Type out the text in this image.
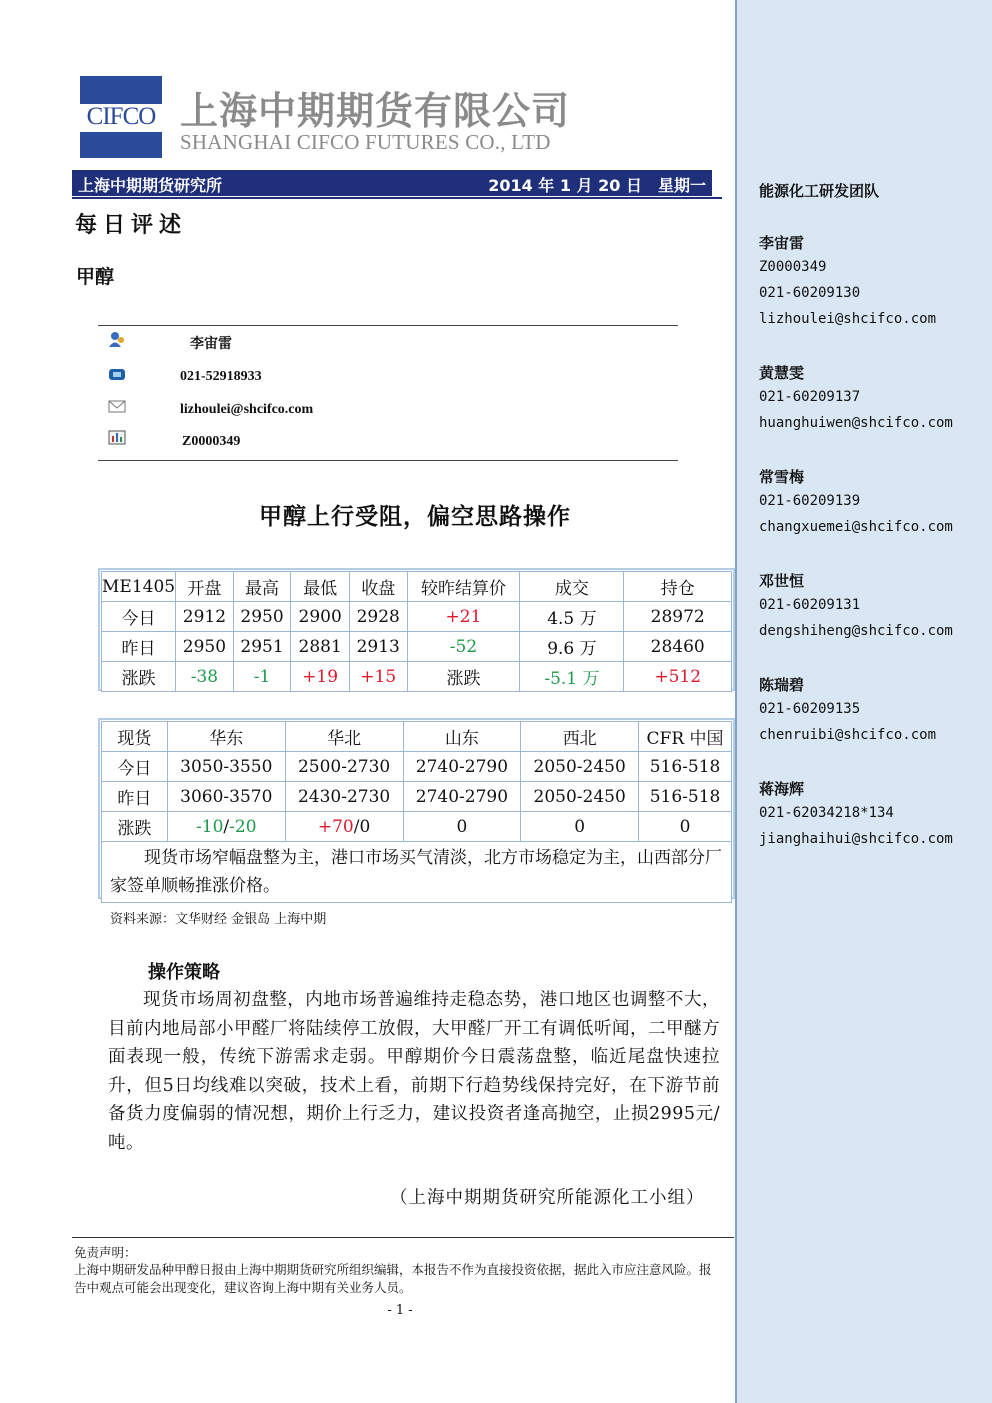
CIFCO 上海中期期货有限公司
SHANGHAI CIFCO FUTURES CO., LTD
上海中期期货研究所	2014 年 1 月 20 日　星期一
每日评述
甲醇
李宙雷
021-52918933
lizhoulei@shcifco.com
Z0000349
甲醇上行受阻，偏空思路操作
ME1405	开盘	最高	最低	收盘	较昨结算价	成交	持仓
今日	2912	2950	2900	2928	+21	4.5 万	28972
昨日	2950	2951	2881	2913	-52	9.6 万	28460
涨跌	-38	-1	+19	+15	涨跌	-5.1 万	+512
现货	华东	华北	山东	西北	CFR 中国
今日	3050-3550	2500-2730	2740-2790	2050-2450	516-518
昨日	3060-3570	2430-2730	2740-2790	2050-2450	516-518
涨跌	-10/-20	+70/0	0	0	0
现货市场窄幅盘整为主，港口市场买气清淡，北方市场稳定为主，山西部分厂家签单顺畅推涨价格。					
资料来源：文华财经 金银岛 上海中期
操作策略
现货市场周初盘整，内地市场普遍维持走稳态势，港口地区也调整不大，目前内地局部小甲醛厂将陆续停工放假，大甲醛厂开工有调低听闻，二甲醚方面表现一般，传统下游需求走弱。甲醇期价今日震荡盘整，临近尾盘快速拉升，但5日均线难以突破，技术上看，前期下行趋势线保持完好，在下游节前备货力度偏弱的情况想，期价上行乏力，建议投资者逢高抛空，止损2995元/吨。
（上海中期期货研究所能源化工小组）
免责声明：
上海中期研发品种甲醇日报由上海中期期货研究所组织编辑，本报告不作为直接投资依据，据此入市应注意风险。报告中观点可能会出现变化，建议咨询上海中期有关业务人员。
- 1 -
能源化工研发团队
李宙雷
Z0000349
021-60209130
lizhoulei@shcifco.com
黄慧雯
021-60209137
huanghuiwen@shcifco.com
常雪梅
021-60209139
changxuemei@shcifco.com
邓世恒
021-60209131
dengshiheng@shcifco.com
陈瑞碧
021-60209135
chenruibi@shcifco.com
蒋海辉
021-62034218*134
jianghaihui@shcifco.com
